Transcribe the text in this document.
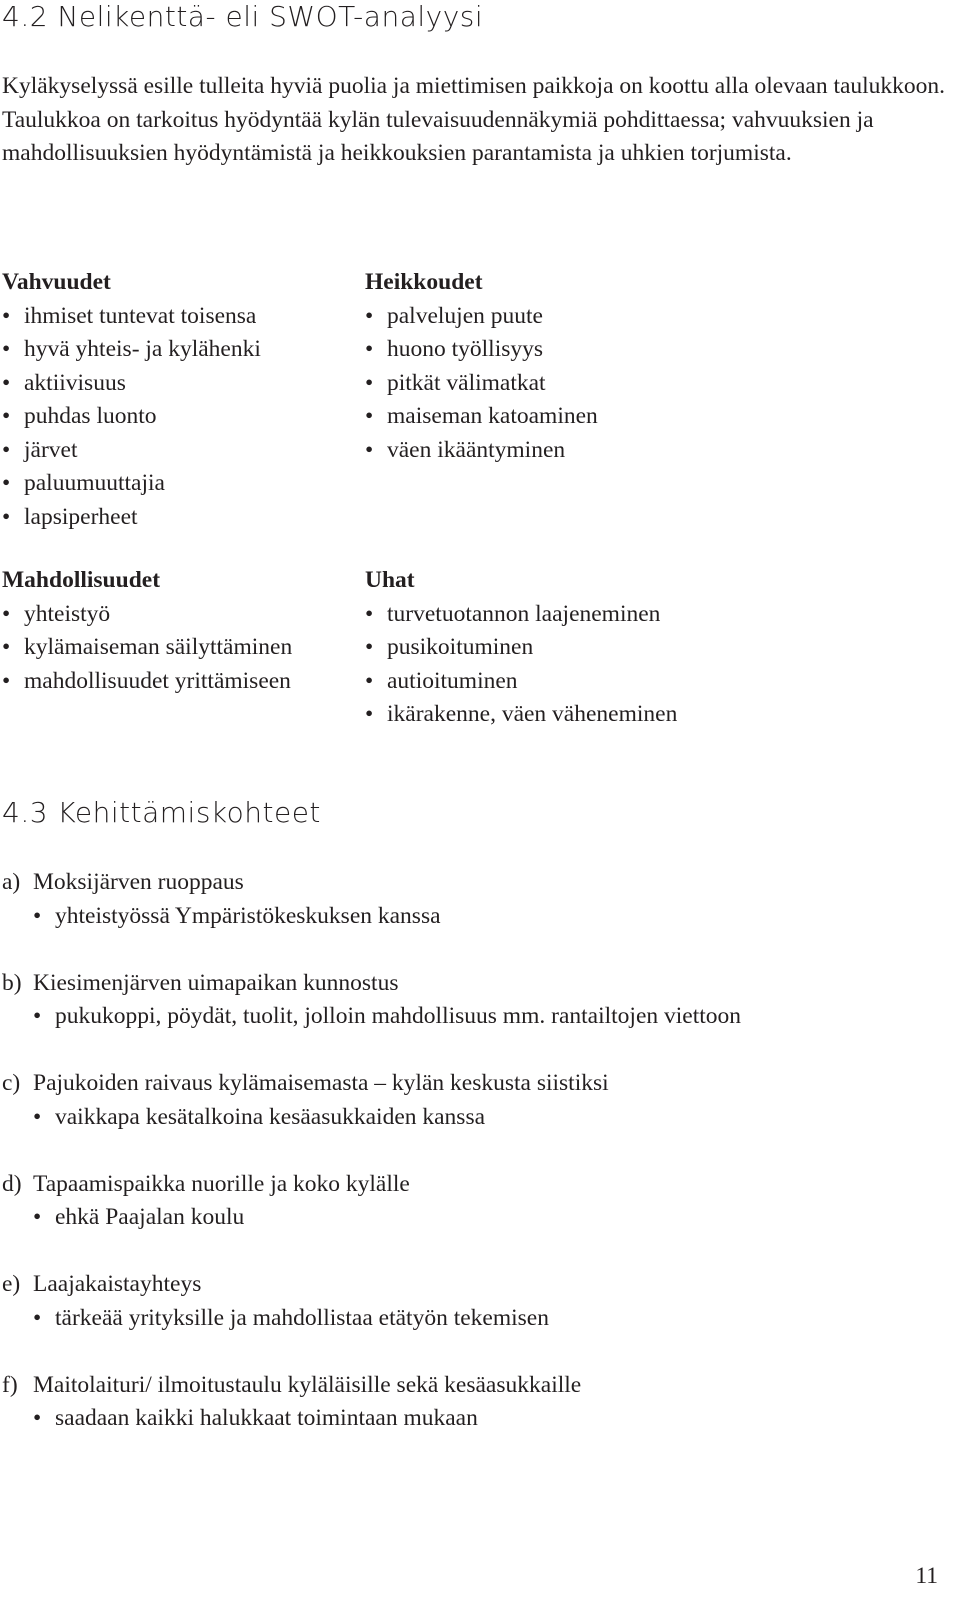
4.2 Nelikenttä- eli SWOT-analyysi

Kyläkyselyssä esille tulleita hyviä puolia ja miettimisen paikkoja on koottu alla olevaan taulukkoon. Taulukkoa on tarkoitus hyödyntää kylän tulevaisuudennäkymiä pohdittaessa; vahvuuksien ja mahdollisuuksien hyödyntämistä ja heikkouksien parantamista ja uhkien torjumista.

Vahvuudet

• ihmiset tuntevat toisensa
• hyvä yhteis- ja kylähenki
• aktiivisuus
• puhdas luonto
• järvet
• paluumuuttajia
• lapsiperheet

Heikkoudet

• palvelujen puute
• huono työllisyys
• pitkät välimatkat
• maiseman katoaminen
• väen ikääntyminen

Mahdollisuudet

• yhteistyö
• kylämaiseman säilyttäminen
• mahdollisuudet yrittämiseen

Uhat

• turvetuotannon laajeneminen
• pusikoituminen
• autioituminen
• ikärakenne, väen väheneminen
4.3 Kehittämiskohteet
a) Moksijärven ruoppaus
• yhteistyössä Ympäristökeskuksen kanssa
b) Kiesimenjärven uimapaikan kunnostus
• pukukoppi, pöydät, tuolit, jolloin mahdollisuus mm. rantailtojen viettoon
c) Pajukoiden raivaus kylämaisemasta – kylän keskusta siistiksi
• vaikkapa kesätalkoina kesäasukkaiden kanssa
d) Tapaamispaikka nuorille ja koko kylälle
• ehkä Paajalan koulu
e) Laajakaistayhteys
• tärkeää yrityksille ja mahdollistaa etätyön tekemisen
f) Maitolaituri/ ilmoitustaulu kyläläisille sekä kesäasukkaille
• saadaan kaikki halukkaat toimintaan mukaan
11
